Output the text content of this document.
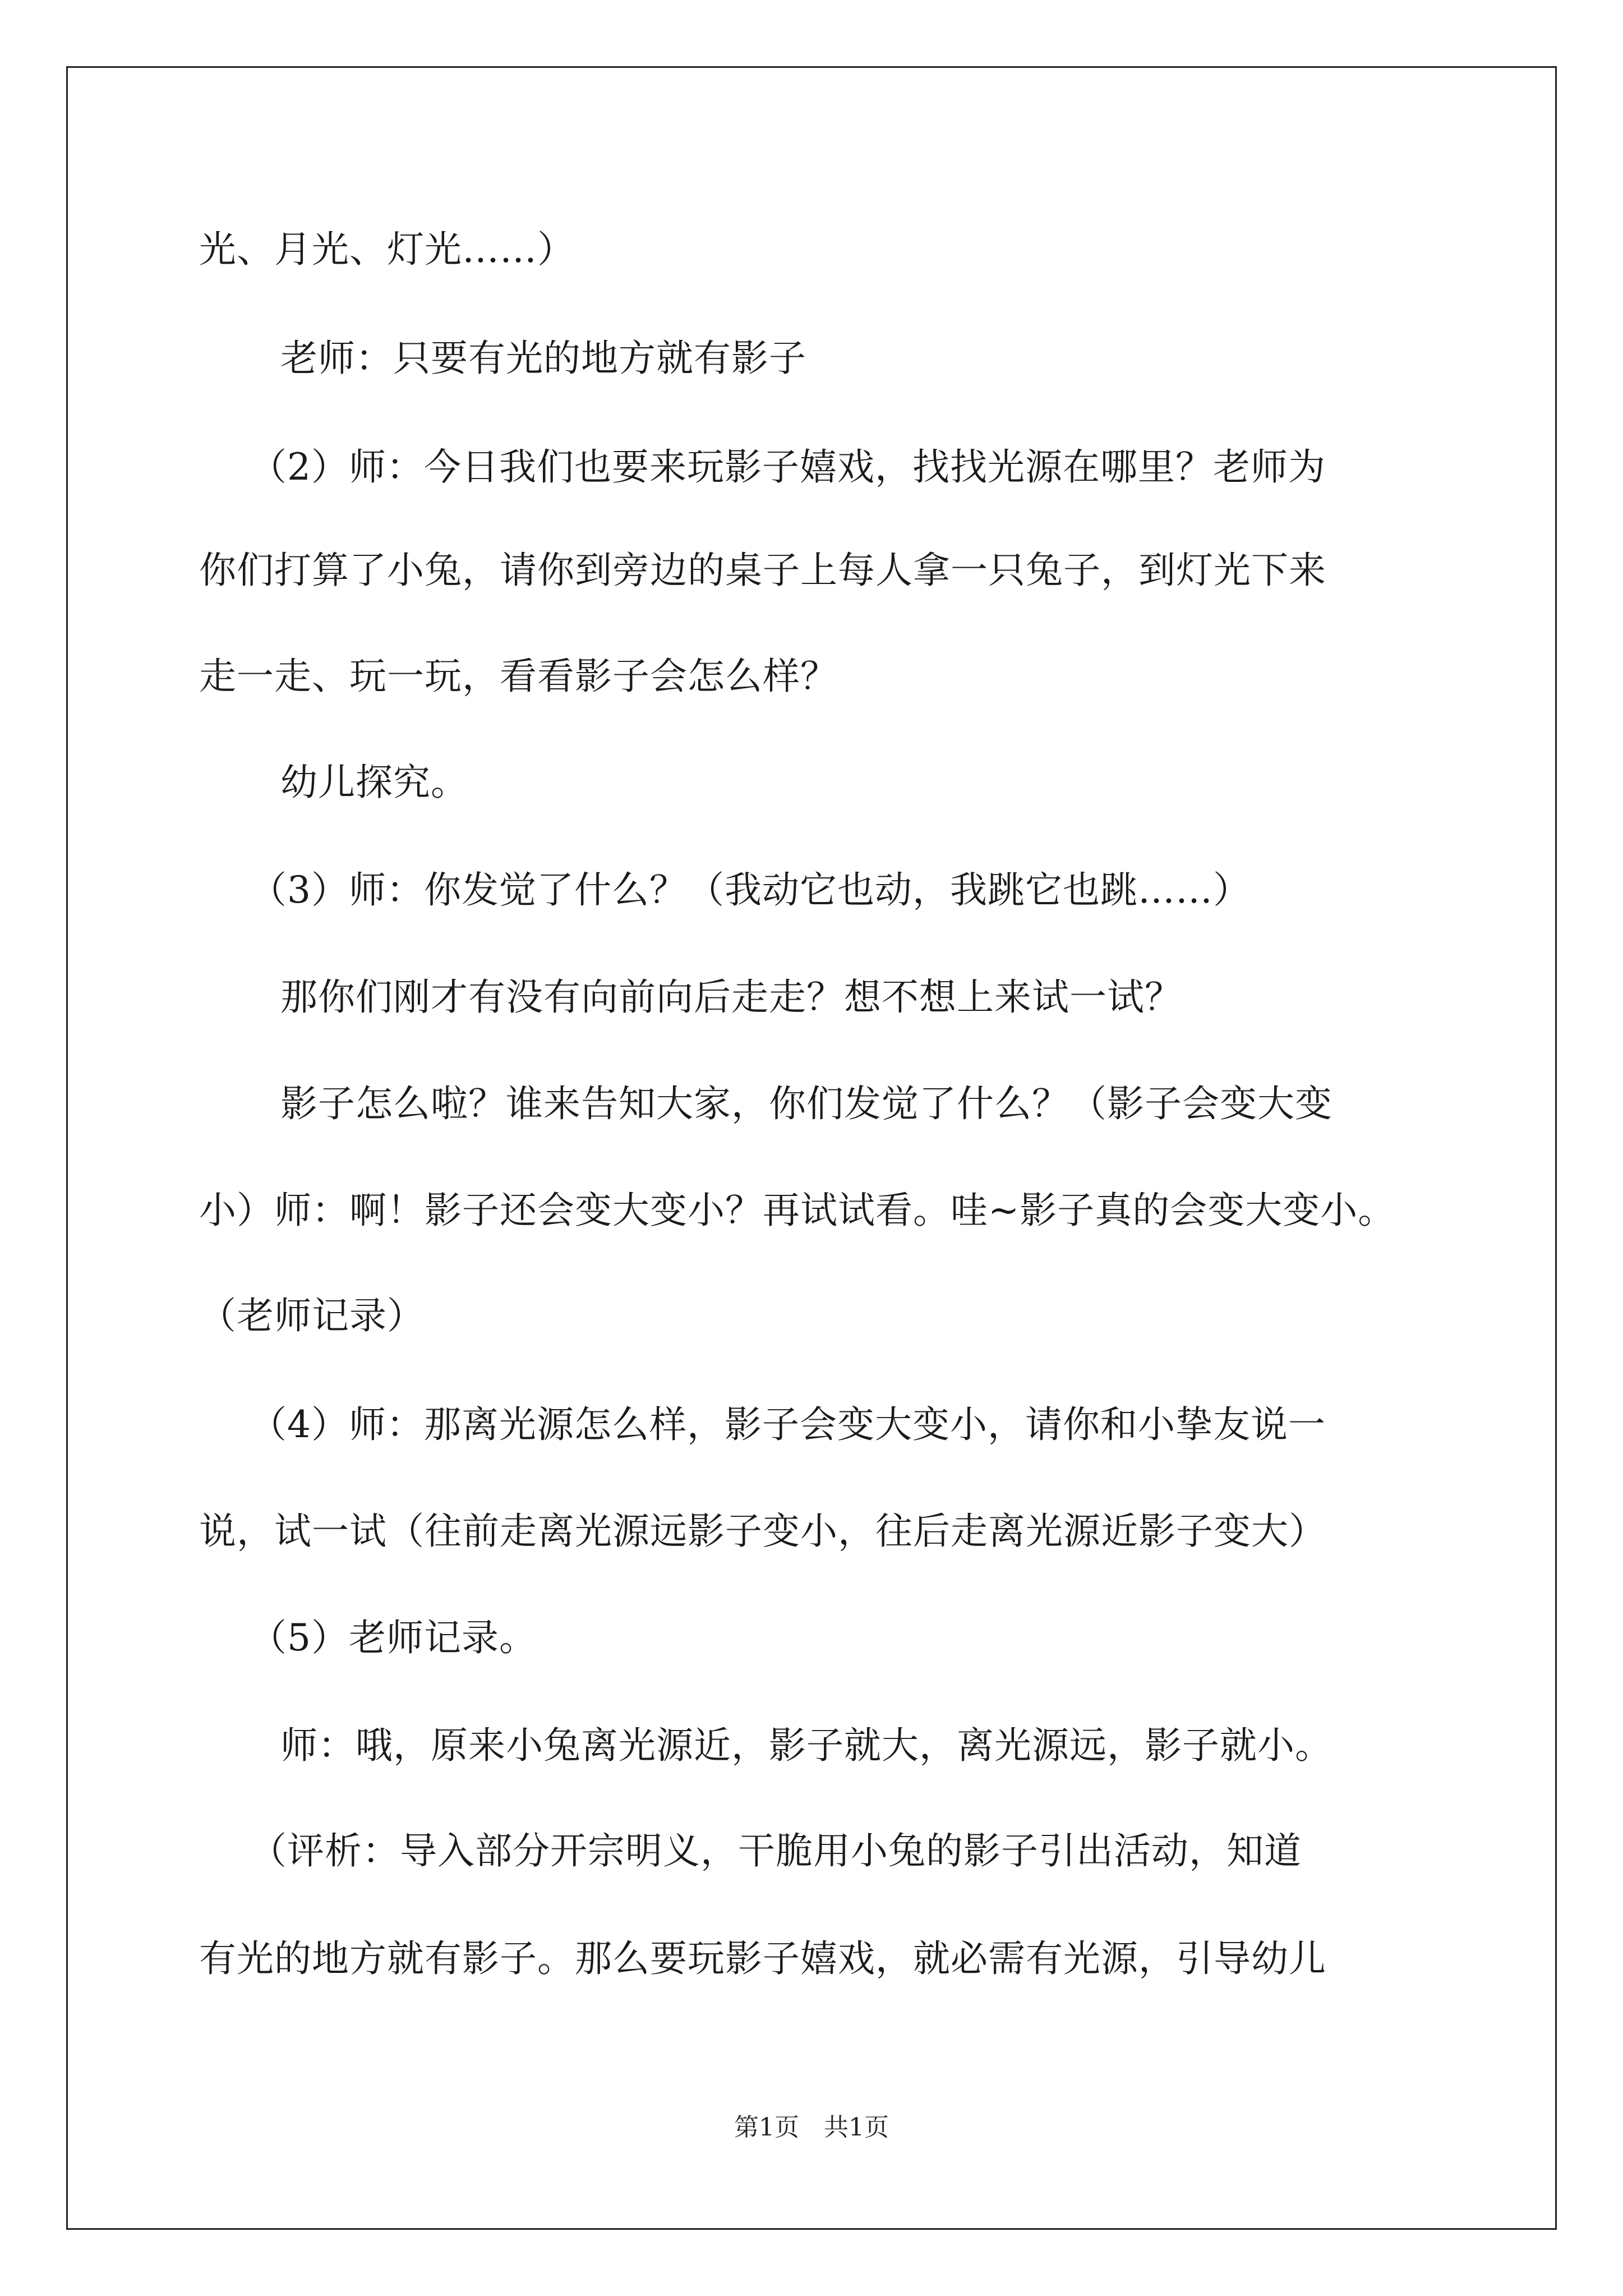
光、月光、灯光……）
老师：只要有光的地方就有影子
（2）师：今日我们也要来玩影子嬉戏，找找光源在哪里？老师为
你们打算了小兔，请你到旁边的桌子上每人拿一只兔子，到灯光下来
走一走、玩一玩，看看影子会怎么样？
幼儿探究。
（3）师：你发觉了什么？（我动它也动，我跳它也跳……）
那你们刚才有没有向前向后走走？想不想上来试一试？
影子怎么啦？谁来告知大家，你们发觉了什么？（影子会变大变
小）师：啊！影子还会变大变小？再试试看。哇~影子真的会变大变小。
（老师记录）
（4）师：那离光源怎么样，影子会变大变小，请你和小挚友说一
说，试一试（往前走离光源远影子变小，往后走离光源近影子变大）
（5）老师记录。
师：哦，原来小兔离光源近，影子就大，离光源远，影子就小。
（评析：导入部分开宗明义，干脆用小兔的影子引出活动，知道
有光的地方就有影子。那么要玩影子嬉戏，就必需有光源，引导幼儿
第1页　共1页
